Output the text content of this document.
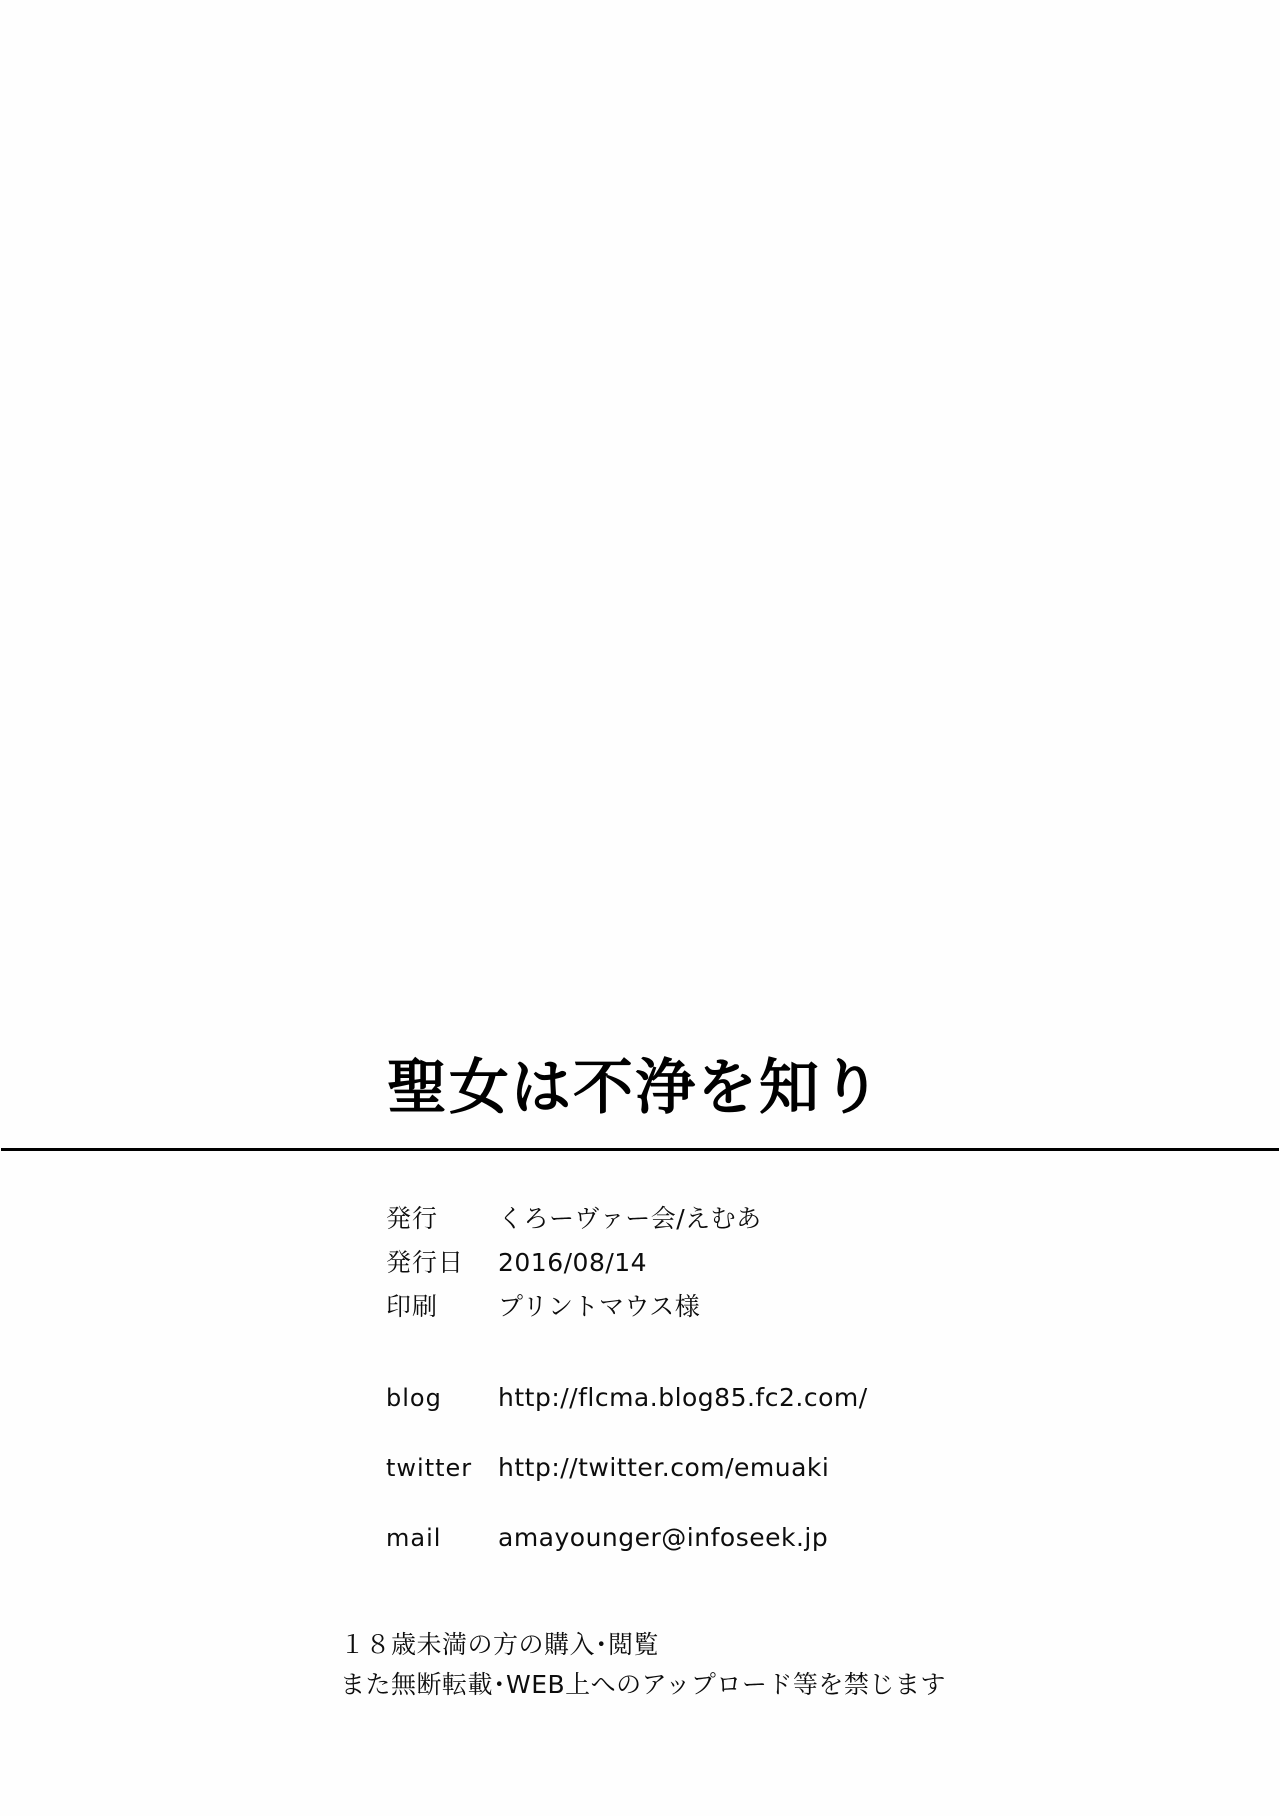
聖女は不浄を知り
発行	くろーヴァー会/えむあ
発行日	2016/08/14
印刷	プリントマウス様
blog	http://flcma.blog85.fc2.com/
twitter	http://twitter.com/emuaki
mail	amayounger@infoseek.jp
１８歳未満の方の購入･閲覧
また無断転載･WEB上へのアップロード等を禁じます
